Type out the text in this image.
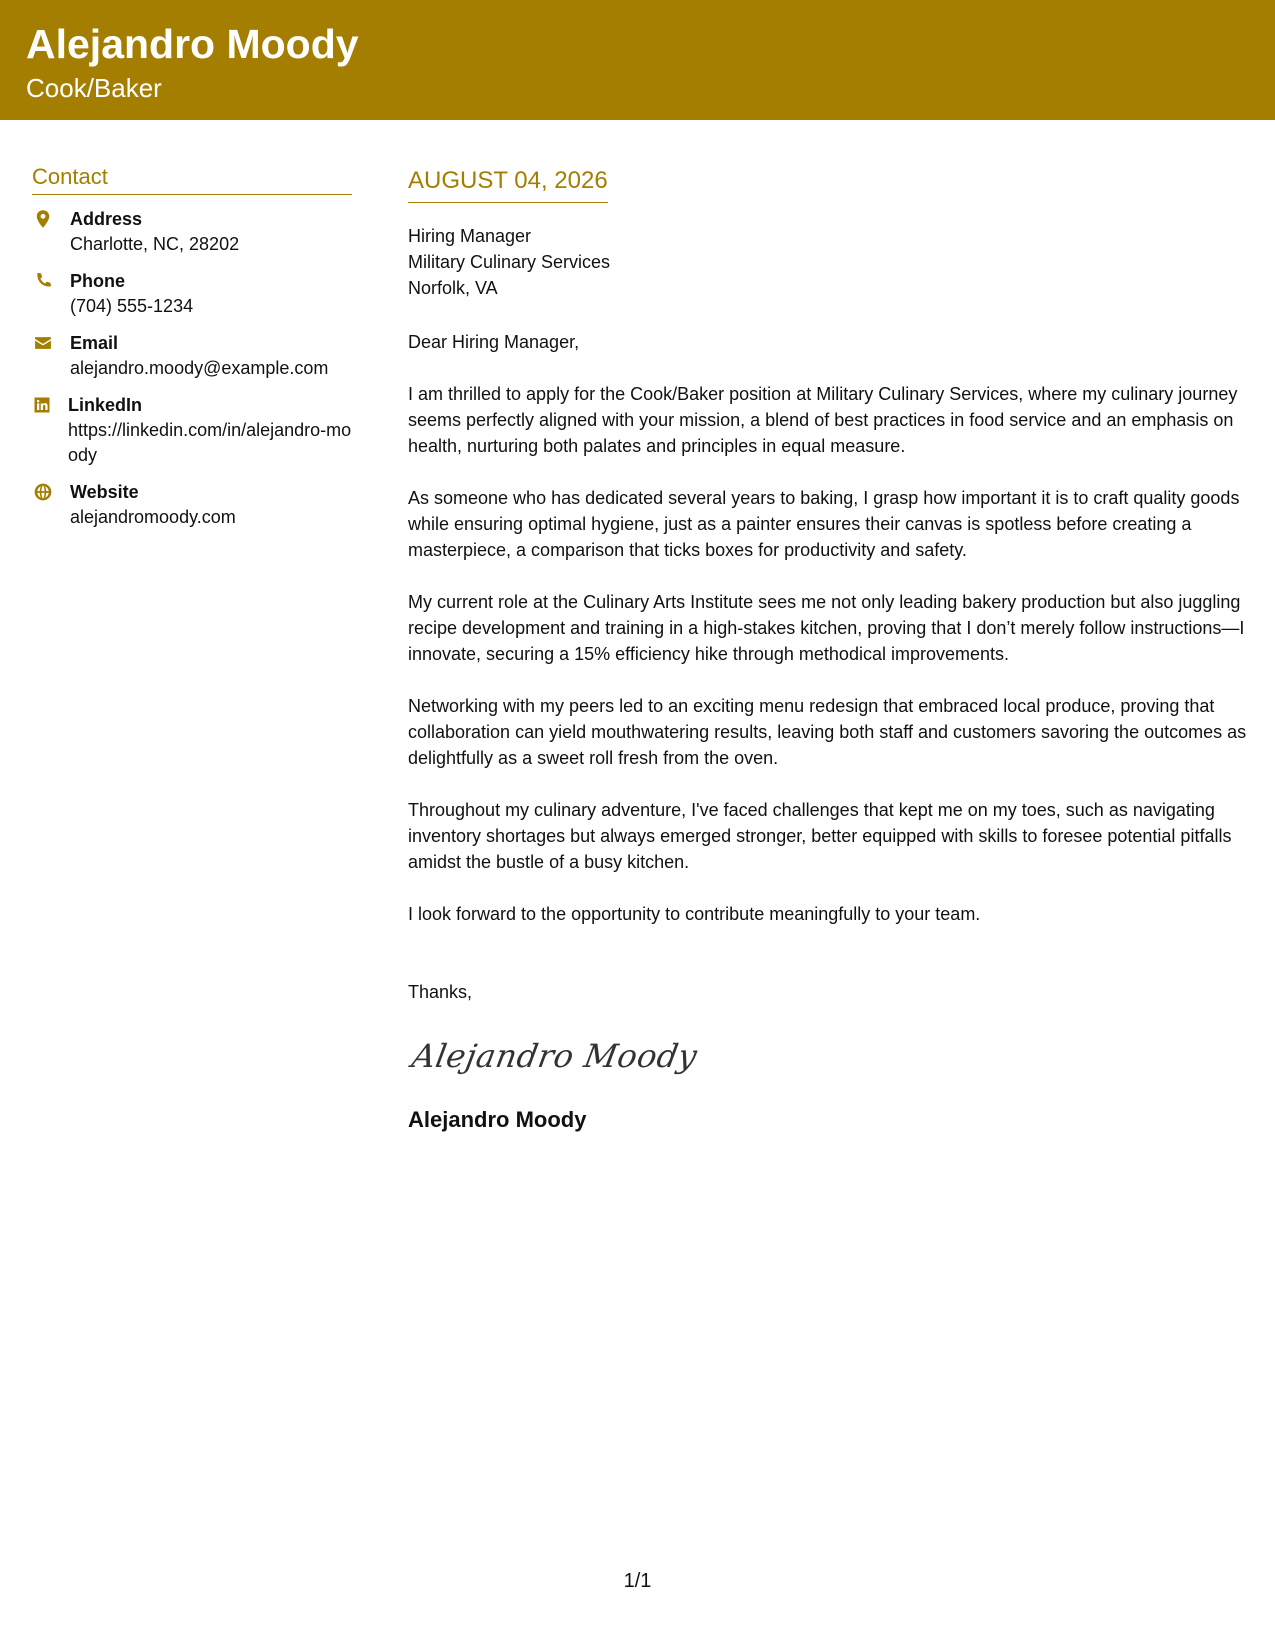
Alejandro Moody
Cook/Baker
Contact
Address
Charlotte, NC, 28202
Phone
(704) 555-1234
Email
alejandro.moody@example.com
LinkedIn
https://linkedin.com/in/alejandro-moody
Website
alejandromoody.com
AUGUST 04, 2026
Hiring Manager
Military Culinary Services
Norfolk, VA
Dear Hiring Manager,
I am thrilled to apply for the Cook/Baker position at Military Culinary Services, where my culinary journey seems perfectly aligned with your mission, a blend of best practices in food service and an emphasis on health, nurturing both palates and principles in equal measure.
As someone who has dedicated several years to baking, I grasp how important it is to craft quality goods while ensuring optimal hygiene, just as a painter ensures their canvas is spotless before creating a masterpiece, a comparison that ticks boxes for productivity and safety.
My current role at the Culinary Arts Institute sees me not only leading bakery production but also juggling recipe development and training in a high-stakes kitchen, proving that I don’t merely follow instructions—I innovate, securing a 15% efficiency hike through methodical improvements.
Networking with my peers led to an exciting menu redesign that embraced local produce, proving that collaboration can yield mouthwatering results, leaving both staff and customers savoring the outcomes as delightfully as a sweet roll fresh from the oven.
Throughout my culinary adventure, I've faced challenges that kept me on my toes, such as navigating inventory shortages but always emerged stronger, better equipped with skills to foresee potential pitfalls amidst the bustle of a busy kitchen.
I look forward to the opportunity to contribute meaningfully to your team.
Thanks,
Alejandro Moody
Alejandro Moody
1/1
